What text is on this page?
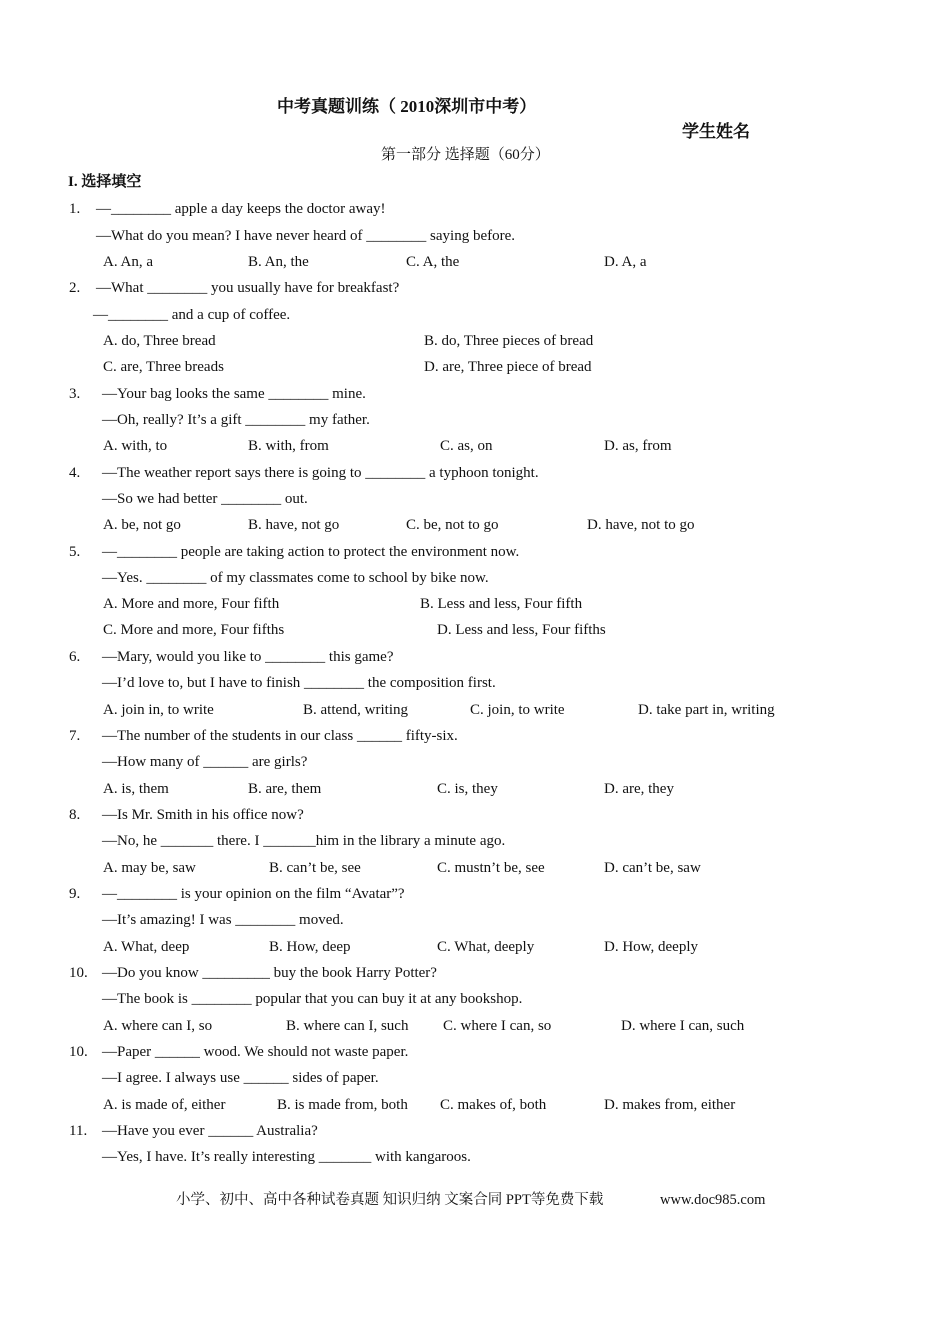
中考真题训练（ 2010深圳市中考）
学生姓名
第一部分 选择题（60分）
I. 选择填空
1. —________ apple a day keeps the doctor away!
—What do you mean? I have never heard of ________ saying before.
A. An, a	B. An, the	C. A, the	D. A, a
2. —What ________ you usually have for breakfast?
—________ and a cup of coffee.
A. do, Three bread	B. do, Three pieces of bread
C. are, Three breads	D. are, Three piece of bread
3. —Your bag looks the same ________ mine.
—Oh, really? It’s a gift ________ my father.
A. with, to	B. with, from	C. as, on	D. as, from
4. —The weather report says there is going to ________ a typhoon tonight.
—So we had better ________ out.
A. be, not go	B. have, not go	C. be, not to go	D. have, not to go
5. —________ people are taking action to protect the environment now.
—Yes. ________ of my classmates come to school by bike now.
A. More and more, Four fifth	B. Less and less, Four fifth
C. More and more, Four fifths	D. Less and less, Four fifths
6. —Mary, would you like to ________ this game?
—I’d love to, but I have to finish ________ the composition first.
A. join in, to write	B. attend, writing	C. join, to write	D. take part in, writing
7. —The number of the students in our class ______ fifty-six.
—How many of ______ are girls?
A. is, them	B. are, them	C. is, they	D. are, they
8. —Is Mr. Smith in his office now?
—No, he _______ there. I _______him in the library a minute ago.
A. may be, saw	B. can’t be, see	C. mustn’t be, see	D. can’t be, saw
9. —________ is your opinion on the film “Avatar”?
—It’s amazing! I was ________ moved.
A. What, deep	B. How, deep	C. What, deeply	D. How, deeply
10. —Do you know _________ buy the book Harry Potter?
—The book is ________ popular that you can buy it at any bookshop.
A. where can I, so	B. where can I, such C. where I can, so	D. where I can, such
10. —Paper ______ wood. We should not waste paper.
—I agree. I always use ______ sides of paper.
A. is made of, either	B. is made from, both C. makes of, both	D. makes from, either
11. —Have you ever ______ Australia?
—Yes, I have. It’s really interesting _______ with kangaroos.
小学、初中、高中各种试卷真题 知识归纳 文案合同 PPT等免费下载	www.doc985.com
